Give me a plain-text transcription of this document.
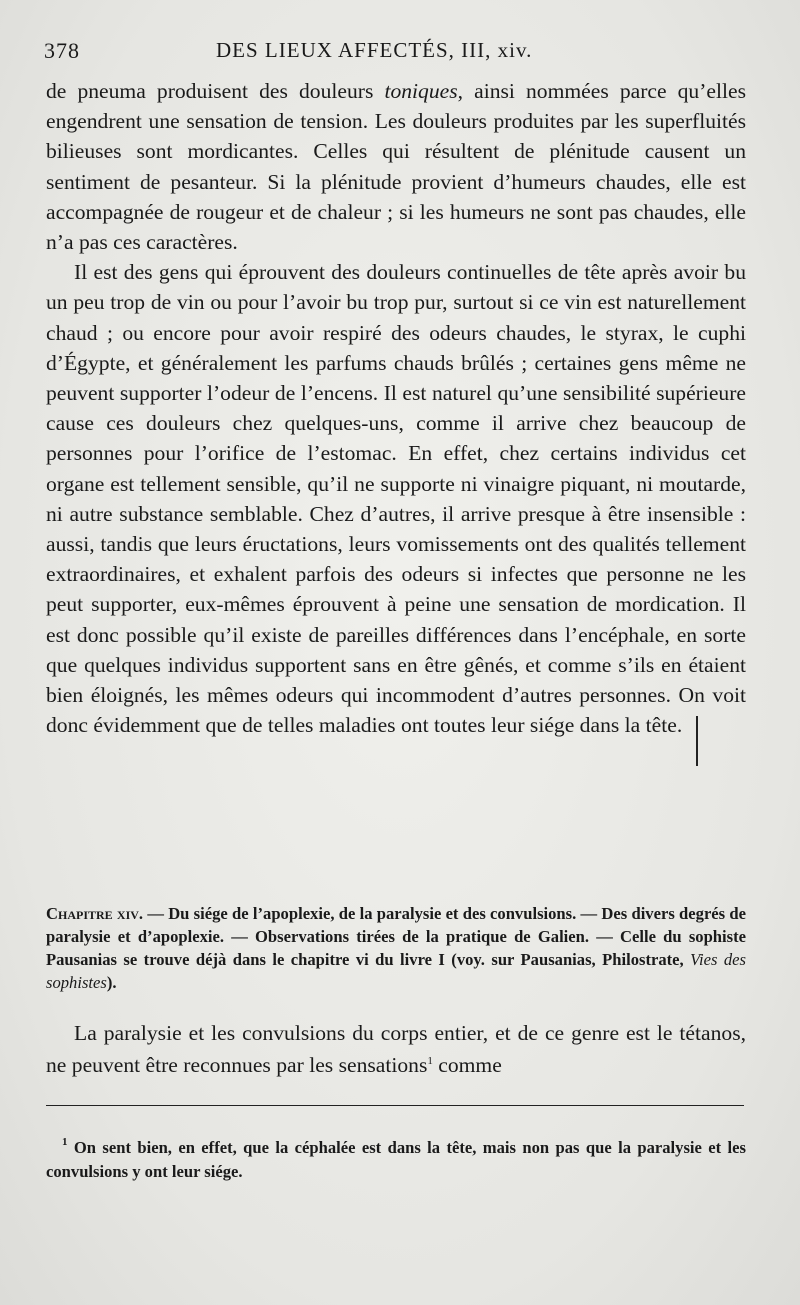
378	DES LIEUX AFFECTÉS, III, xiv.

de pneuma produisent des douleurs toniques, ainsi nommées parce qu’elles engendrent une sensation de tension. Les douleurs produites par les superfluités bilieuses sont mordicantes. Celles qui résultent de plénitude causent un sentiment de pesanteur. Si la plénitude provient d’humeurs chaudes, elle est accompagnée de rougeur et de chaleur ; si les humeurs ne sont pas chaudes, elle n’a pas ces caractères.

Il est des gens qui éprouvent des douleurs continuelles de tête après avoir bu un peu trop de vin ou pour l’avoir bu trop pur, surtout si ce vin est naturellement chaud ; ou encore pour avoir respiré des odeurs chaudes, le styrax, le cuphi d’Égypte, et généralement les parfums chauds brûlés ; certaines gens même ne peuvent supporter l’odeur de l’encens. Il est naturel qu’une sensibilité supérieure cause ces douleurs chez quelques-uns, comme il arrive chez beaucoup de personnes pour l’orifice de l’estomac. En effet, chez certains individus cet organe est tellement sensible, qu’il ne supporte ni vinaigre piquant, ni moutarde, ni autre substance semblable. Chez d’autres, il arrive presque à être insensible : aussi, tandis que leurs éructations, leurs vomissements ont des qualités tellement extraordinaires, et exhalent parfois des odeurs si infectes que personne ne les peut supporter, eux-mêmes éprouvent à peine une sensation de mordication. Il est donc possible qu’il existe de pareilles différences dans l’encéphale, en sorte que quelques individus supportent sans en être gênés, et comme s’ils en étaient bien éloignés, les mêmes odeurs qui incommodent d’autres personnes. On voit donc évidemment que de telles maladies ont toutes leur siége dans la tête.

Chapitre xiv. — Du siége de l’apoplexie, de la paralysie et des convulsions. — Des divers degrés de paralysie et d’apoplexie. — Observations tirées de la pratique de Galien. — Celle du sophiste Pausanias se trouve déjà dans le chapitre vi du livre I (voy. sur Pausanias, Philostrate, Vies des sophistes).
La paralysie et les convulsions du corps entier, et de ce genre est le tétanos, ne peuvent être reconnues par les sensations$^1$ comme
$^1$ On sent bien, en effet, que la céphalée est dans la tête, mais non pas que la paralysie et les convulsions y ont leur siége.
